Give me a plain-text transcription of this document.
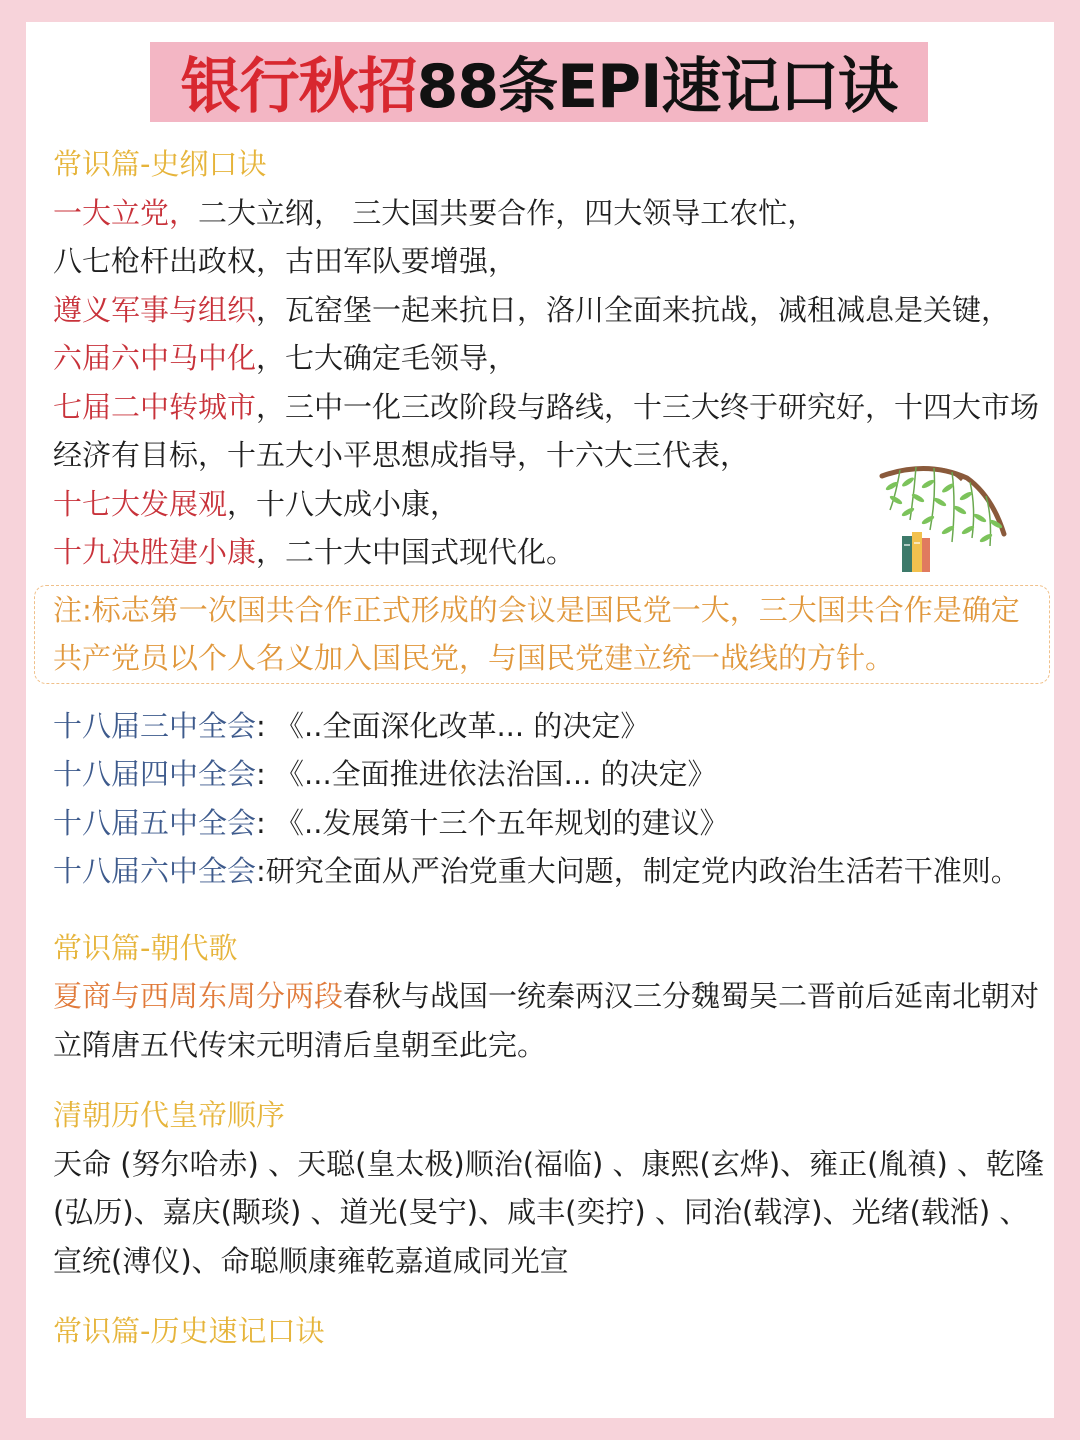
银行秋招 88条EPI速记口诀
常识篇-史纲口诀
一大立党，二大立纲， 三大国共要合作，四大领导工农忙，
八七枪杆出政权，古田军队要增强，
遵义军事与组织，瓦窑堡一起来抗日，洛川全面来抗战，减租减息是关键，
六届六中马中化，七大确定毛领导，
七届二中转城市，三中一化三改阶段与路线，十三大终于研究好，十四大市场经济有目标，十五大小平思想成指导，十六大三代表，
十七大发展观，十八大成小康，
十九决胜建小康，二十大中国式现代化。
注:标志第一次国共合作正式形成的会议是国民党一大，三大国共合作是确定共产党员以个人名义加入国民党，与国民党建立统一战线的方针。
十八届三中全会: 《..全面深化改革... 的决定》
十八届四中全会: 《...全面推进依法治国... 的决定》
十八届五中全会: 《..发展第十三个五年规划的建议》
十八届六中全会:研究全面从严治党重大问题，制定党内政治生活若干准则。
常识篇-朝代歌
夏商与西周东周分两段春秋与战国一统秦两汉三分魏蜀吴二晋前后延南北朝对立隋唐五代传宋元明清后皇朝至此完。
清朝历代皇帝顺序
天命 (努尔哈赤) 、天聪(皇太极)顺治(福临) 、康熙(玄烨)、雍正(胤禛) 、乾隆(弘历)、嘉庆(颙琰) 、道光(旻宁)、咸丰(奕拧) 、同治(载淳)、光绪(载湉) 、宣统(溥仪)、命聪顺康雍乾嘉道咸同光宣
常识篇-历史速记口诀
